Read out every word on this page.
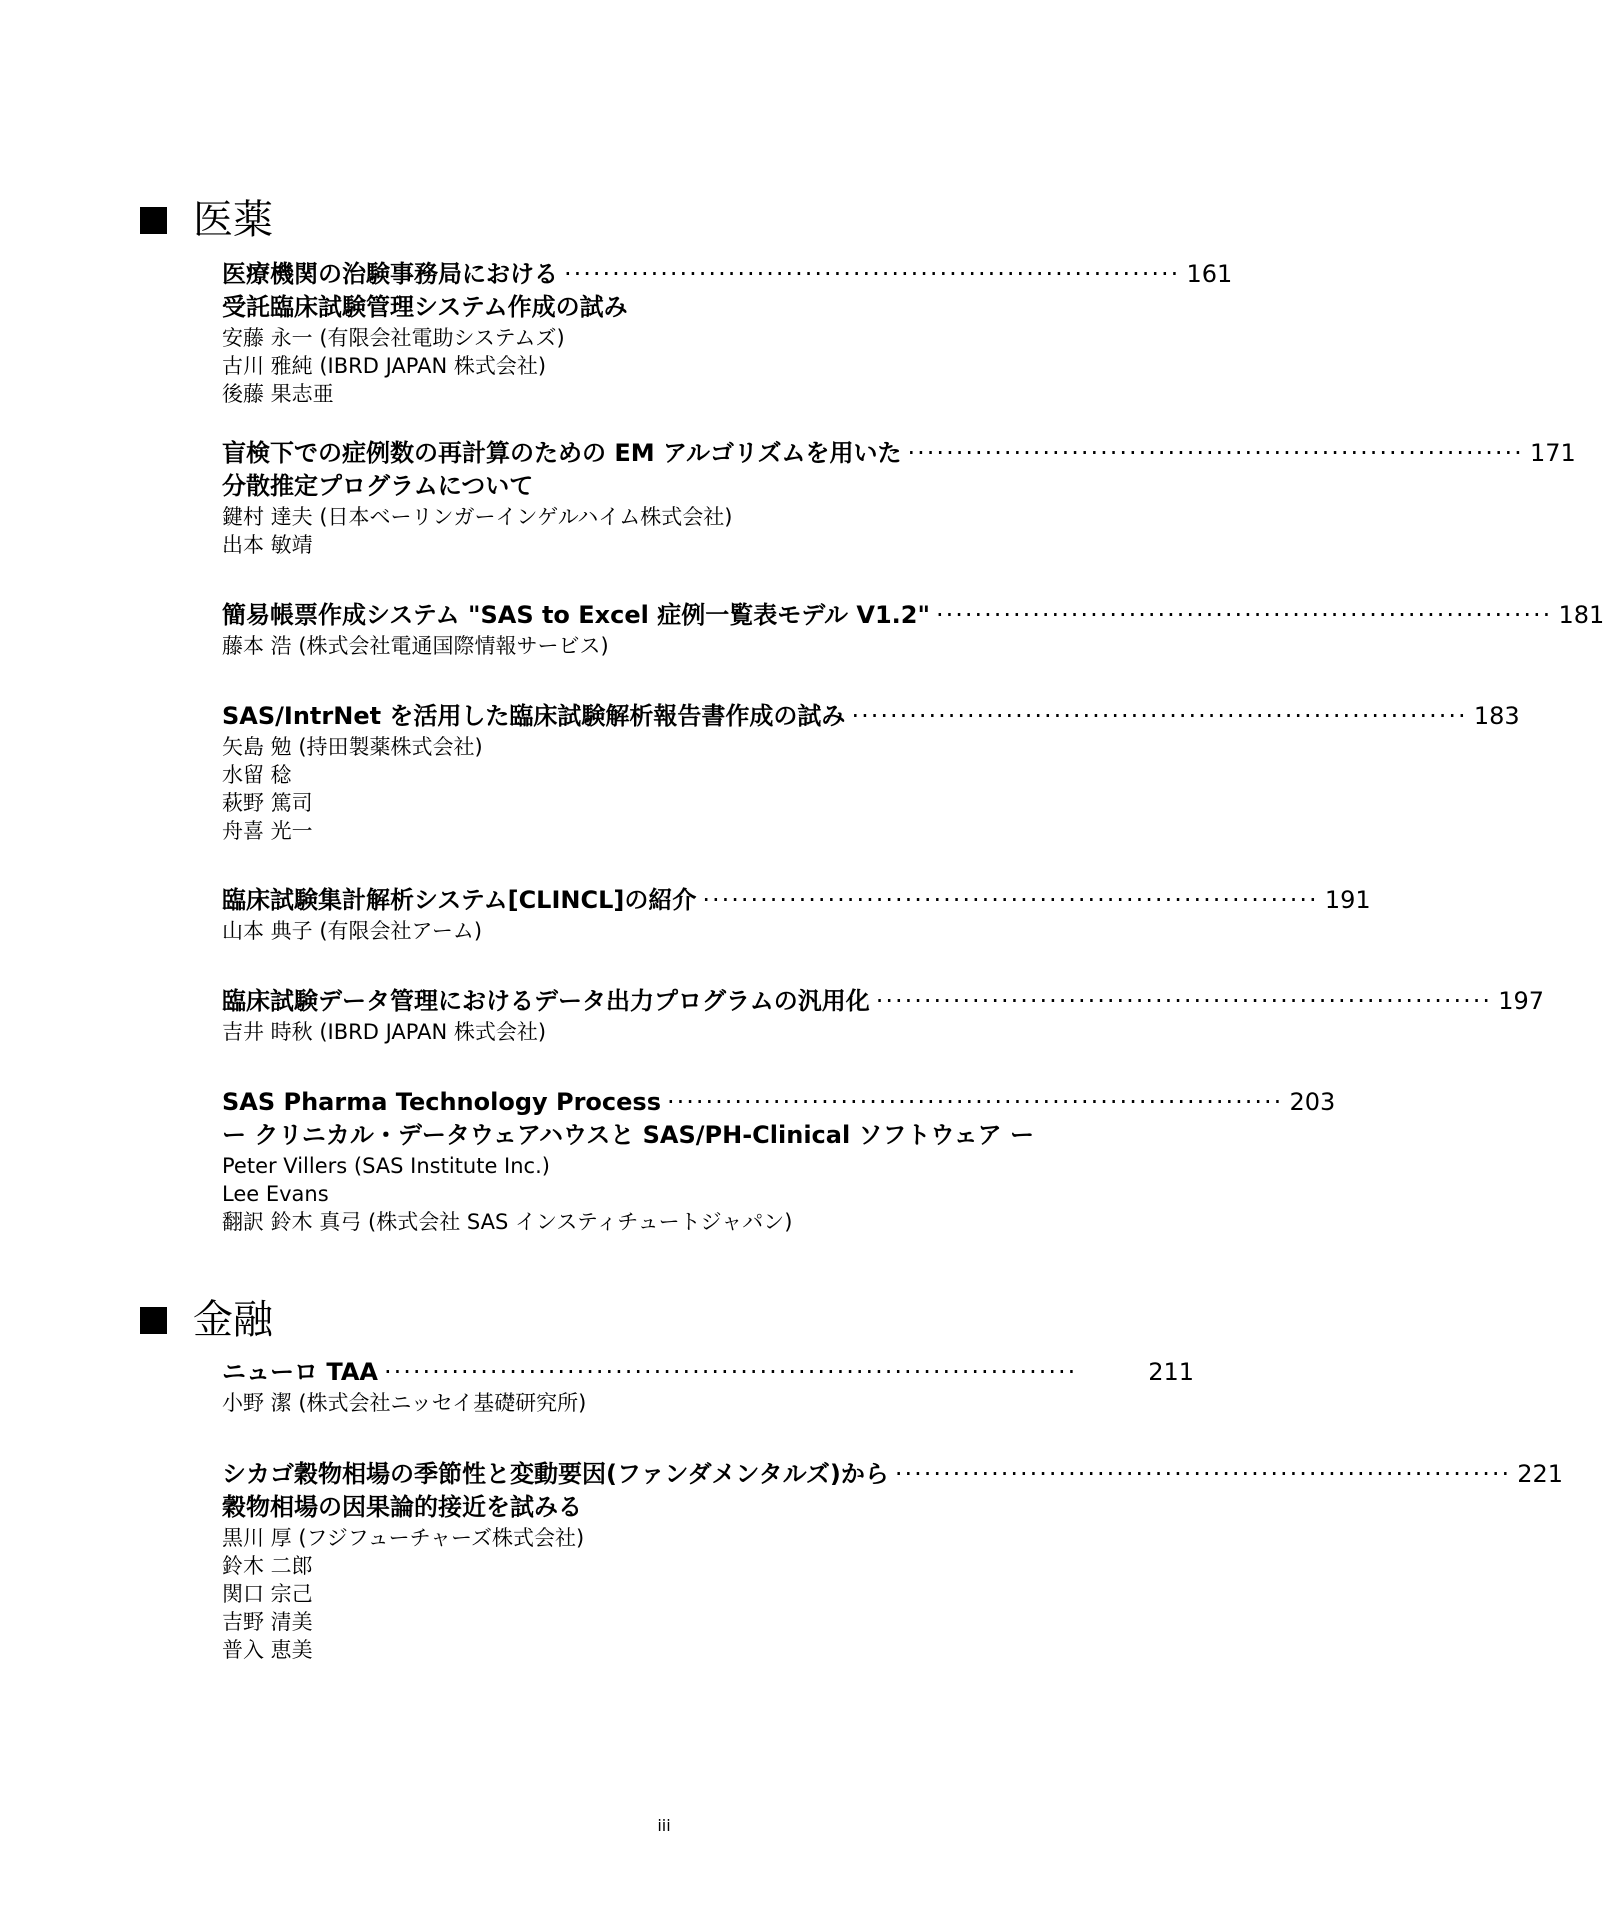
医薬
医療機関の治験事務局における ································································ 161
受託臨床試験管理システム作成の試み
安藤 永一 (有限会社電助システムズ)
古川 雅純 (IBRD JAPAN 株式会社)
後藤 果志亜
盲検下での症例数の再計算のための EM アルゴリズムを用いた ································································ 171
分散推定プログラムについて
鍵村 達夫 (日本ベーリンガーインゲルハイム株式会社)
出本 敏靖
簡易帳票作成システム "SAS to Excel 症例一覧表モデル V1.2" ································································ 181
藤本 浩 (株式会社電通国際情報サービス)
SAS/IntrNet を活用した臨床試験解析報告書作成の試み ································································ 183
矢島 勉 (持田製薬株式会社)
水留 稔
萩野 篤司
舟喜 光一
臨床試験集計解析システム[CLINCL]の紹介 ································································ 191
山本 典子 (有限会社アーム)
臨床試験データ管理におけるデータ出力プログラムの汎用化 ································································ 197
吉井 時秋 (IBRD JAPAN 株式会社)
SAS Pharma Technology Process ································································ 203
ー クリニカル・データウェアハウスと SAS/PH-Clinical ソフトウェア ー
Peter Villers (SAS Institute Inc.)
Lee Evans
翻訳 鈴木 真弓 (株式会社 SAS インスティチュートジャパン)
金融
ニューロ TAA ········································································	211
小野 潔 (株式会社ニッセイ基礎研究所)
シカゴ穀物相場の季節性と変動要因(ファンダメンタルズ)から ································································ 221
穀物相場の因果論的接近を試みる
黒川 厚 (フジフューチャーズ株式会社)
鈴木 二郎
関口 宗己
吉野 清美
普入 恵美
iii
